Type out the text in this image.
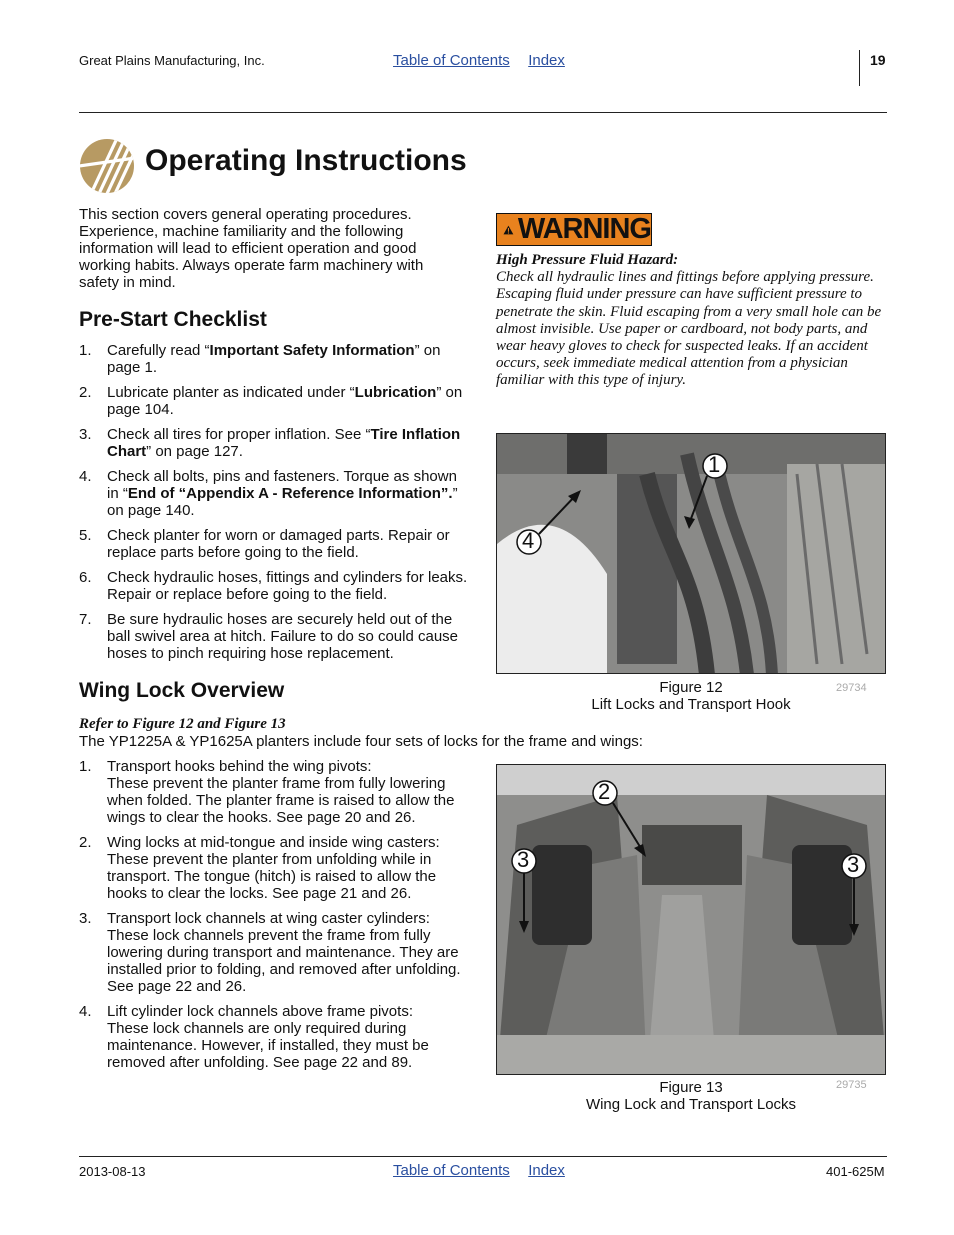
Great Plains Manufacturing, Inc.	Table of Contents Index	19
Operating Instructions
This section covers general operating procedures. Experience, machine familiarity and the following information will lead to efficient operation and good working habits. Always operate farm machinery with safety in mind.
Pre-Start Checklist
1. Carefully read “Important Safety Information” on page 1.
2. Lubricate planter as indicated under “Lubrication” on page 104.
3. Check all tires for proper inflation. See “Tire Inflation Chart” on page 127.
4. Check all bolts, pins and fasteners. Torque as shown in “End of “Appendix A - Reference Information”.” on page 140.
5. Check planter for worn or damaged parts. Repair or replace parts before going to the field.
6. Check hydraulic hoses, fittings and cylinders for leaks. Repair or replace before going to the field.
7. Be sure hydraulic hoses are securely held out of the ball swivel area at hitch. Failure to do so could cause hoses to pinch requiring hose replacement.
Wing Lock Overview
Refer to Figure 12 and Figure 13
The YP1225A & YP1625A planters include four sets of locks for the frame and wings:
1. Transport hooks behind the wing pivots:
These prevent the planter frame from fully lowering when folded. The planter frame is raised to allow the wings to clear the hooks. See page 20 and 26.
2. Wing locks at mid-tongue and inside wing casters:
These prevent the planter from unfolding while in transport. The tongue (hitch) is raised to allow the hooks to clear the locks. See page 21 and 26.
3. Transport lock channels at wing caster cylinders:
These lock channels prevent the frame from fully lowering during transport and maintenance. They are installed prior to folding, and removed after unfolding. See page 22 and 26.
4. Lift cylinder lock channels above frame pivots:
These lock channels are only required during maintenance. However, if installed, they must be removed after unfolding. See page 22 and 89.
WARNING
High Pressure Fluid Hazard:
Check all hydraulic lines and fittings before applying pressure. Escaping fluid under pressure can have sufficient pressure to penetrate the skin. Fluid escaping from a very small hole can be almost invisible. Use paper or cardboard, not body parts, and wear heavy gloves to check for suspected leaks. If an accident occurs, seek immediate medical attention from a physician familiar with this type of injury.
1
4
Figure 12
Lift Locks and Transport Hook
29734
2
3	3
Figure 13
Wing Lock and Transport Locks
29735
2013-08-13	Table of Contents Index	401-625M
